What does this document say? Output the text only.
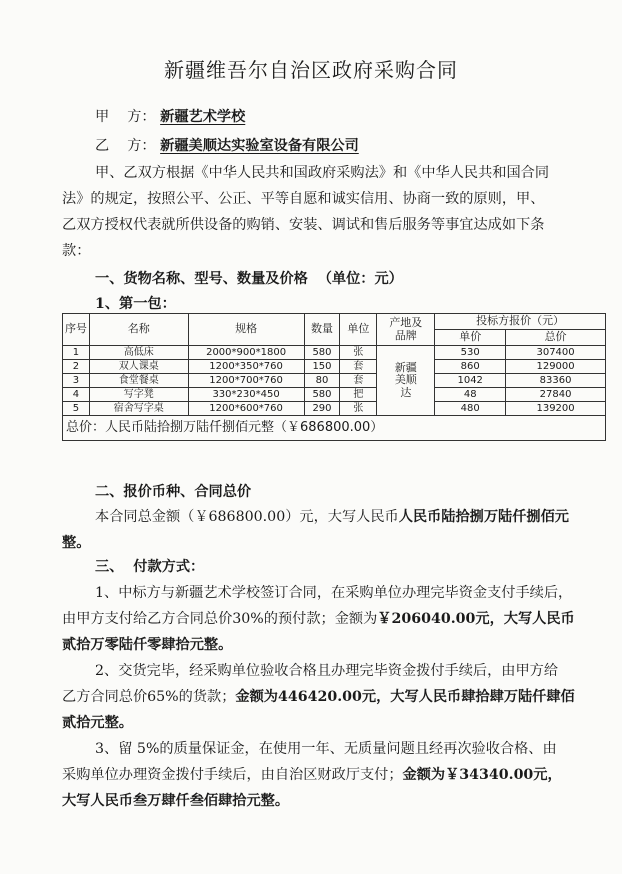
新疆维吾尔自治区政府采购合同
甲    方： 新疆艺术学校
乙    方： 新疆美顺达实验室设备有限公司
甲、乙双方根据《中华人民共和国政府采购法》和《中华人民共和国合同
法》的规定，按照公平、公正、平等自愿和诚实信用、协商一致的原则，甲、
乙双方授权代表就所供设备的购销、安装、调试和售后服务等事宜达成如下条
款：
一、货物名称、型号、数量及价格  （单位：元）
1、第一包：
序号	名称	规格	数量	单位	产地及品牌	投标方报价（元）	
						单价	总价
1	高低床	2000*900*1800	580	张	新疆美顺达	530	307400
2	双人课桌	1200*350*760	150	套		860	129000
3	食堂餐桌	1200*700*760	80	套		1042	83360
4	写字凳	330*230*450	580	把		48	27840
5	宿舍写字桌	1200*600*760	290	张		480	139200
总价：人民币陆拾捌万陆仟捌佰元整（￥686800.00）							
二、报价币种、合同总价
本合同总金额（￥686800.00）元，大写人民币人民币陆拾捌万陆仟捌佰元
整。
三、  付款方式：
1、中标方与新疆艺术学校签订合同，在采购单位办理完毕资金支付手续后，
由甲方支付给乙方合同总价30%的预付款；金额为￥206040.00元，大写人民币
贰拾万零陆仟零肆拾元整。
2、交货完毕，经采购单位验收合格且办理完毕资金拨付手续后，由甲方给
乙方合同总价65%的货款；金额为446420.00元，大写人民币肆拾肆万陆仟肆佰
贰拾元整。
3、留 5%的质量保证金，在使用一年、无质量问题且经再次验收合格、由
采购单位办理资金拨付手续后，由自治区财政厅支付；金额为￥34340.00元，
大写人民币叁万肆仟叁佰肆拾元整。
